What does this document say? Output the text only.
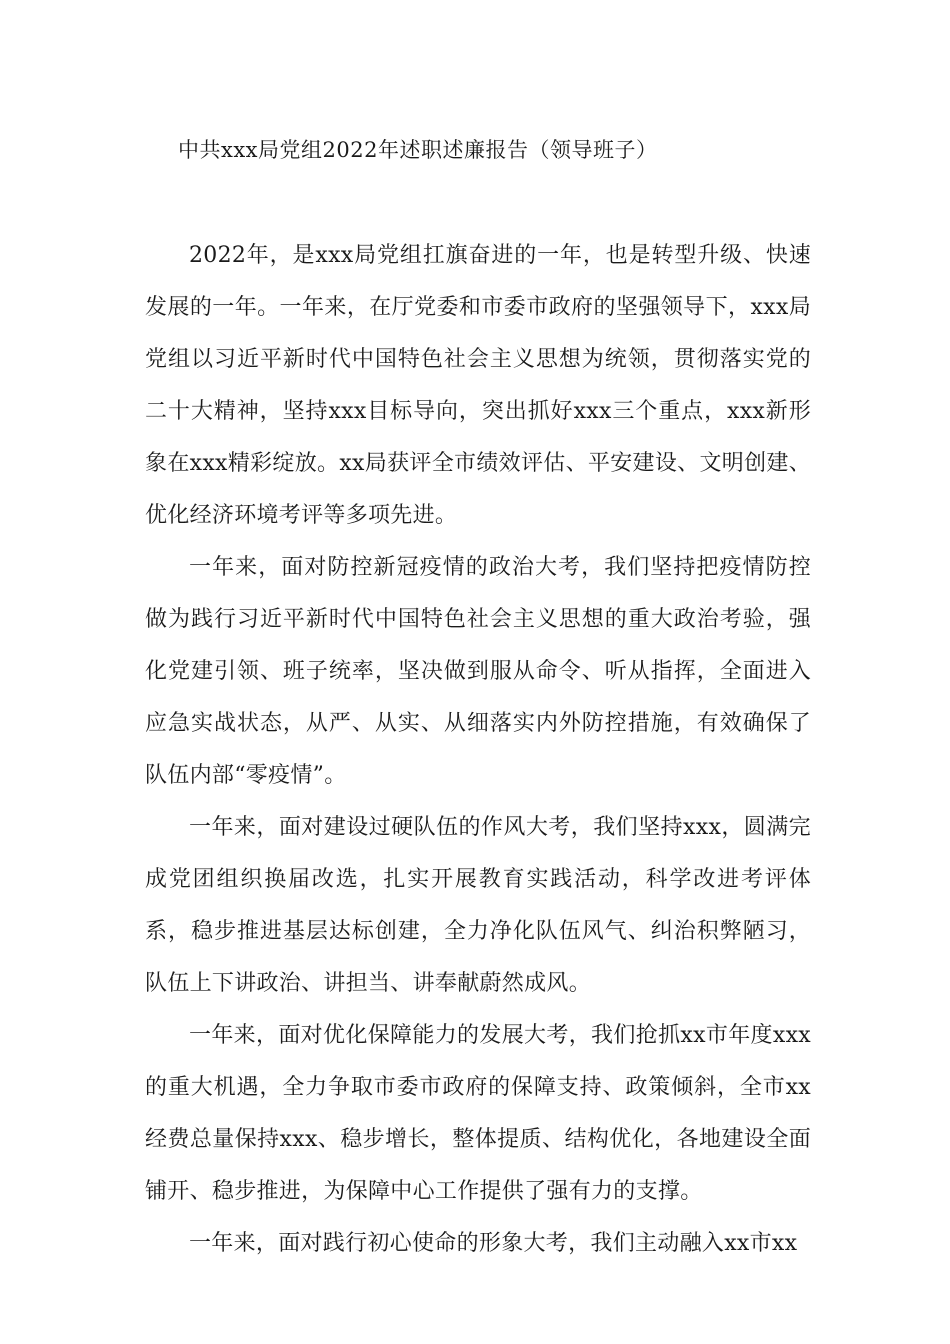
中共xxx局党组2022年述职述廉报告（领导班子）

2022年，是xxx局党组扛旗奋进的一年，也是转型升级、快速发展的一年。一年来，在厅党委和市委市政府的坚强领导下，xxx局党组以习近平新时代中国特色社会主义思想为统领，贯彻落实党的二十大精神，坚持xxx目标导向，突出抓好xxx三个重点，xxx新形象在xxx精彩绽放。xx局获评全市绩效评估、平安建设、文明创建、优化经济环境考评等多项先进。

一年来，面对防控新冠疫情的政治大考，我们坚持把疫情防控做为践行习近平新时代中国特色社会主义思想的重大政治考验，强化党建引领、班子统率，坚决做到服从命令、听从指挥，全面进入应急实战状态，从严、从实、从细落实内外防控措施，有效确保了队伍内部“零疫情”。

一年来，面对建设过硬队伍的作风大考，我们坚持xxx，圆满完成党团组织换届改选，扎实开展教育实践活动，科学改进考评体系，稳步推进基层达标创建，全力净化队伍风气、纠治积弊陋习，队伍上下讲政治、讲担当、讲奉献蔚然成风。

一年来，面对优化保障能力的发展大考，我们抢抓xx市年度xxx的重大机遇，全力争取市委市政府的保障支持、政策倾斜，全市xx经费总量保持xxx、稳步增长，整体提质、结构优化，各地建设全面铺开、稳步推进，为保障中心工作提供了强有力的支撑。

一年来，面对践行初心使命的形象大考，我们主动融入xx市xx
